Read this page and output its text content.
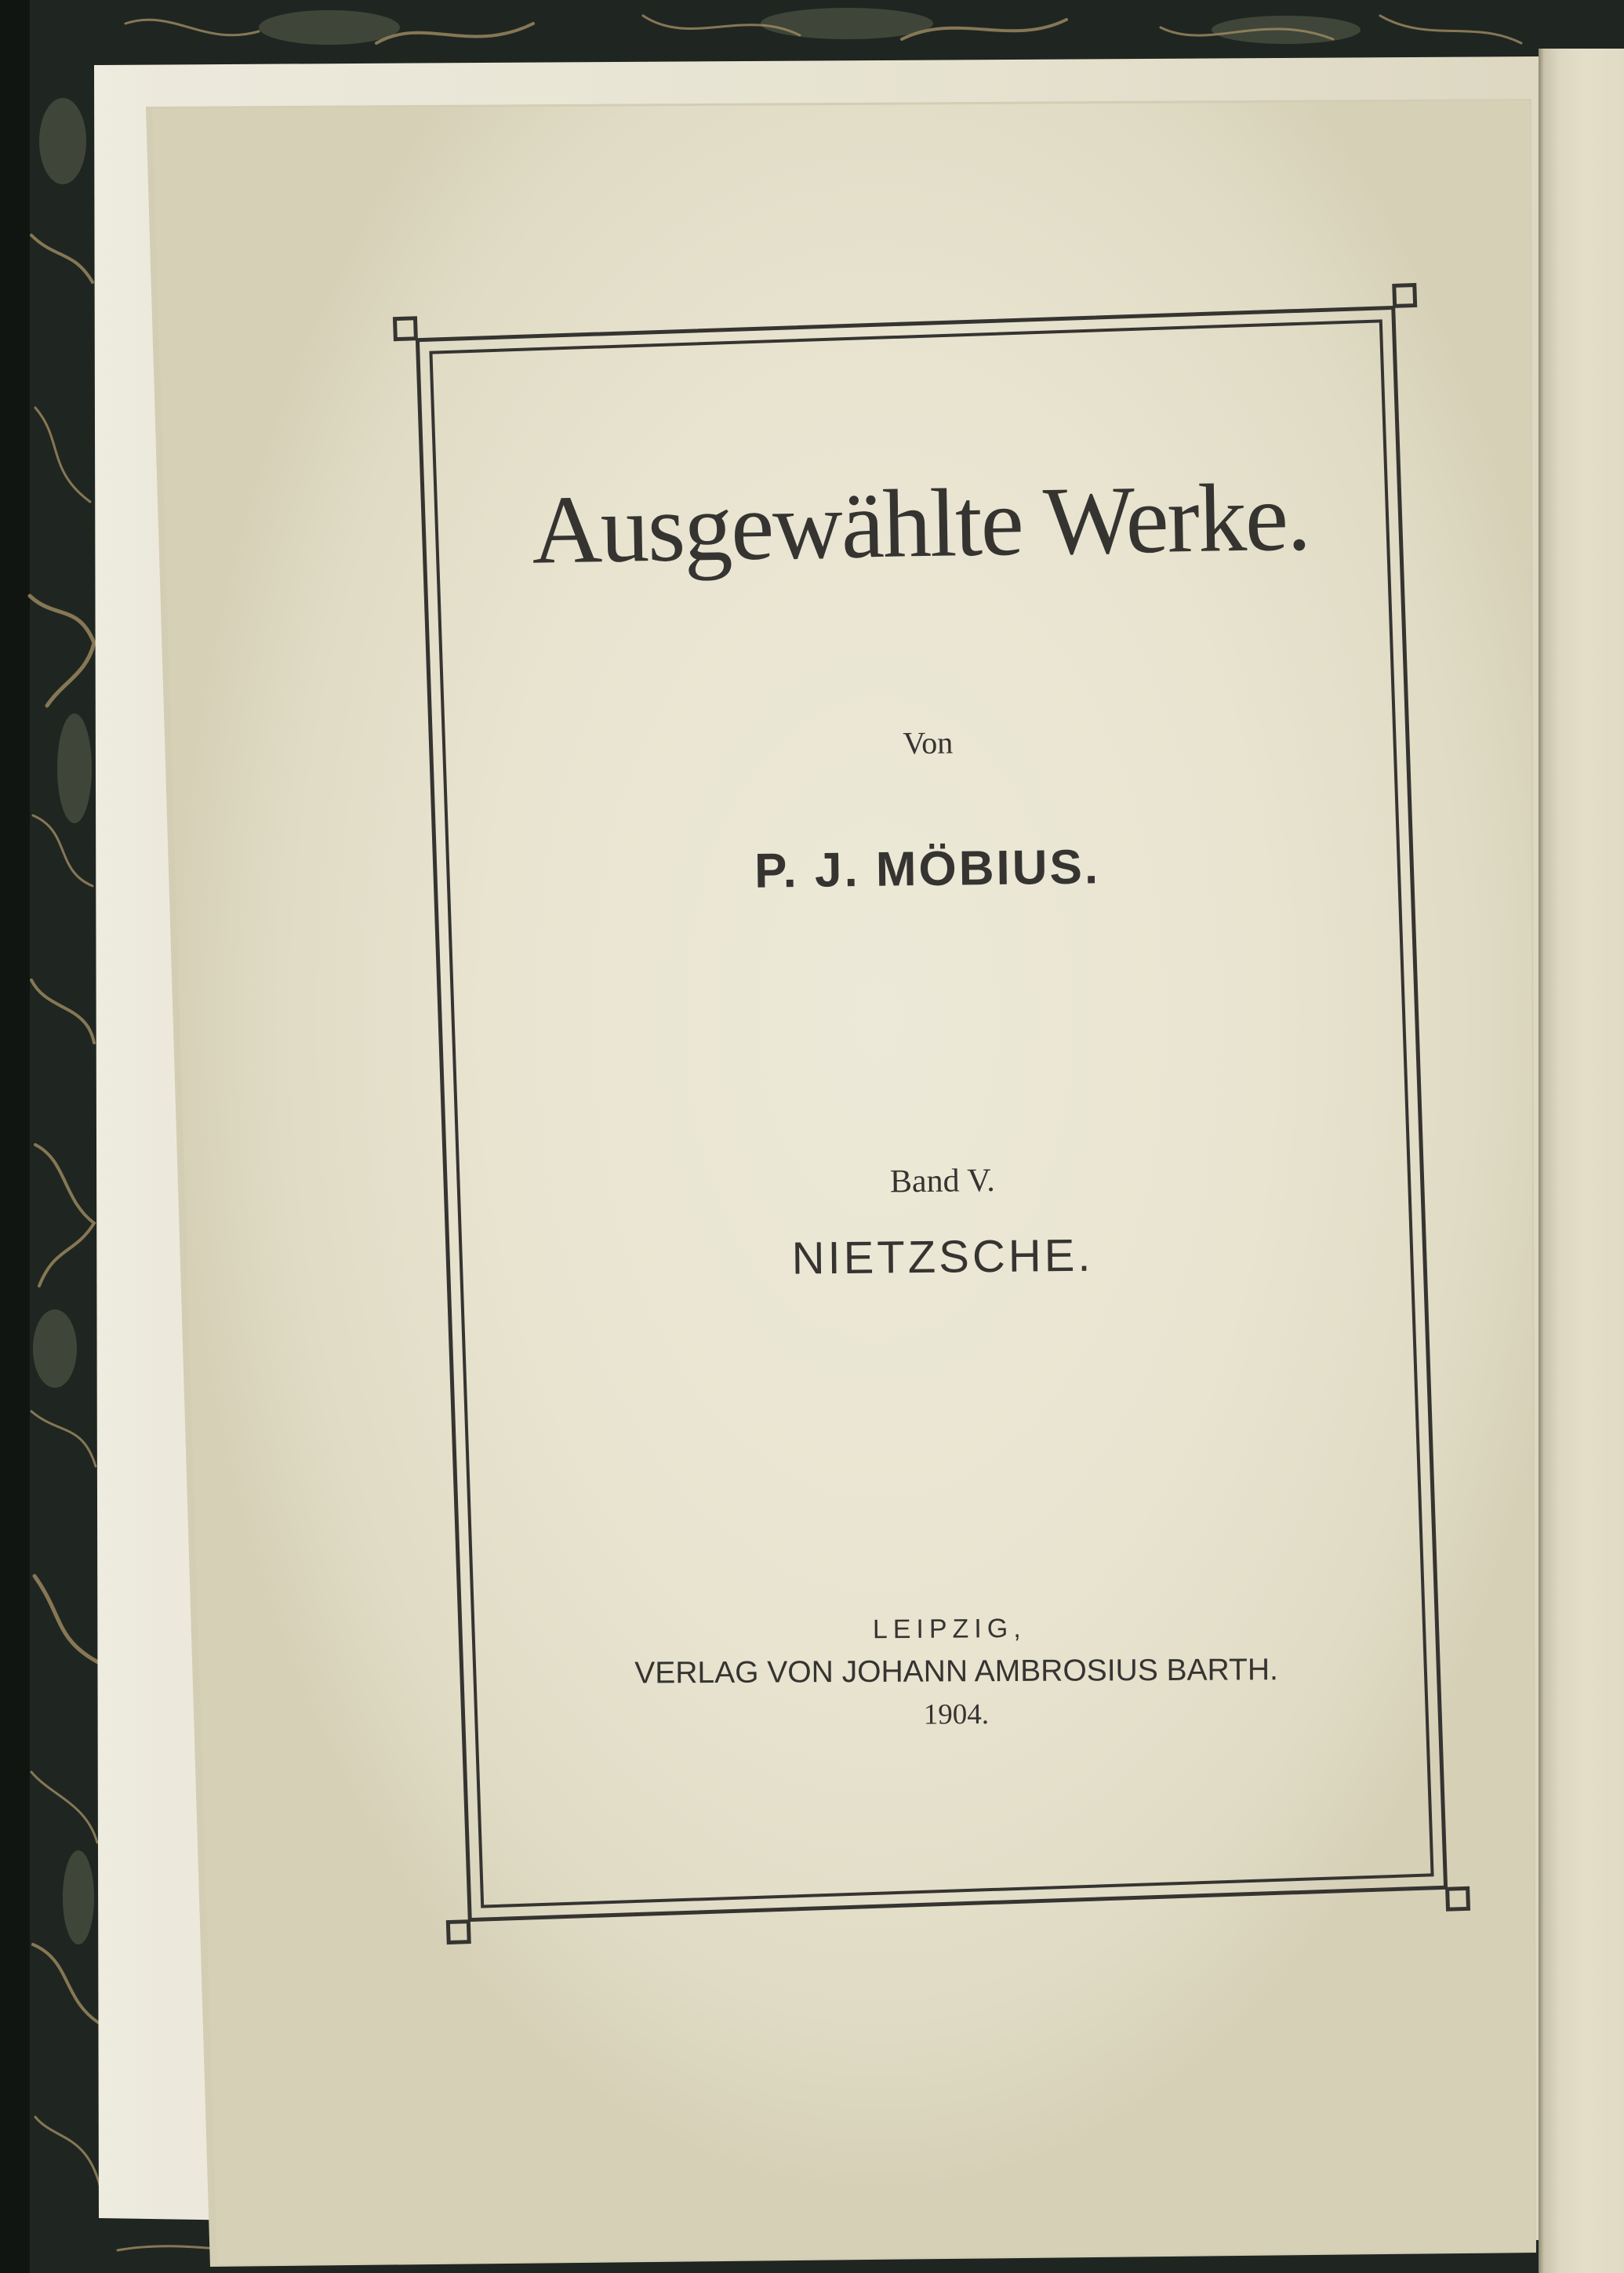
Ausgewählte Werke.
Von
P. J. MÖBIUS.
Band V.
NIETZSCHE.
LEIPZIG,
VERLAG VON JOHANN AMBROSIUS BARTH.
1904.
